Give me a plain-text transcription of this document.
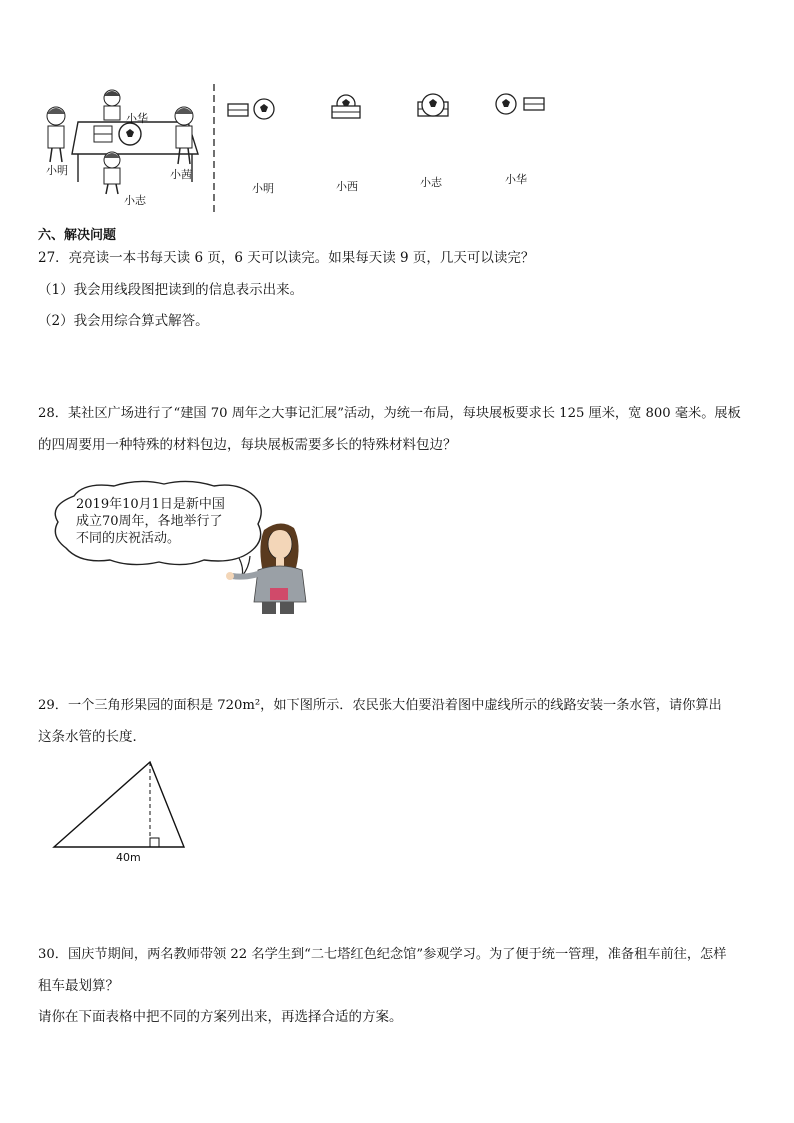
小华
小明	小茜
小志
小明	小西	小志	小华
六、解决问题
27．亮亮读一本书每天读 6 页，6 天可以读完。如果每天读 9 页，几天可以读完？
（1）我会用线段图把读到的信息表示出来。
（2）我会用综合算式解答。
28．某社区广场进行了“建国 70 周年之大事记汇展”活动，为统一布局，每块展板要求长 125 厘米，宽 800 毫米。展板
的四周要用一种特殊的材料包边，每块展板需要多长的特殊材料包边？
2019年10月1日是新中国
成立70周年，各地举行了
不同的庆祝活动。
29．一个三角形果园的面积是 720m²，如下图所示．农民张大伯要沿着图中虚线所示的线路安装一条水管，请你算出
这条水管的长度．
40m
30．国庆节期间，两名教师带领 22 名学生到“二七塔红色纪念馆”参观学习。为了便于统一管理，准备租车前往，怎样
租车最划算？
请你在下面表格中把不同的方案列出来，再选择合适的方案。
